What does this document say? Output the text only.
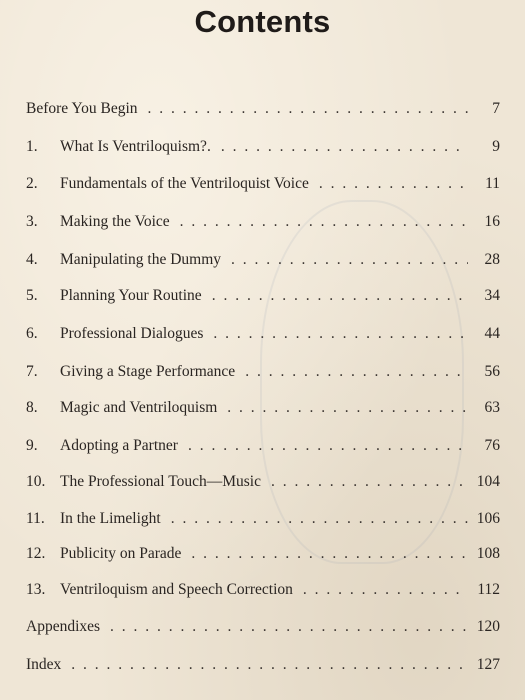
Contents
Before You Begin . . .	7
1.	What Is Ventriloquism?. . . .	9
2.	Fundamentals of the Ventriloquist Voice . . .	11
3.	Making the Voice . . .	16
4.	Manipulating the Dummy . . .	28
5.	Planning Your Routine . . .	34
6.	Professional Dialogues . . .	44
7.	Giving a Stage Performance . . .	56
8.	Magic and Ventriloquism . . .	63
9.	Adopting a Partner . . .	76
10. The Professional Touch—Music . . .	104
11. In the Limelight . . .	106
12. Publicity on Parade . . .	108
13. Ventriloquism and Speech Correction . . .	112
Appendixes . . .	120
Index . . .	127
